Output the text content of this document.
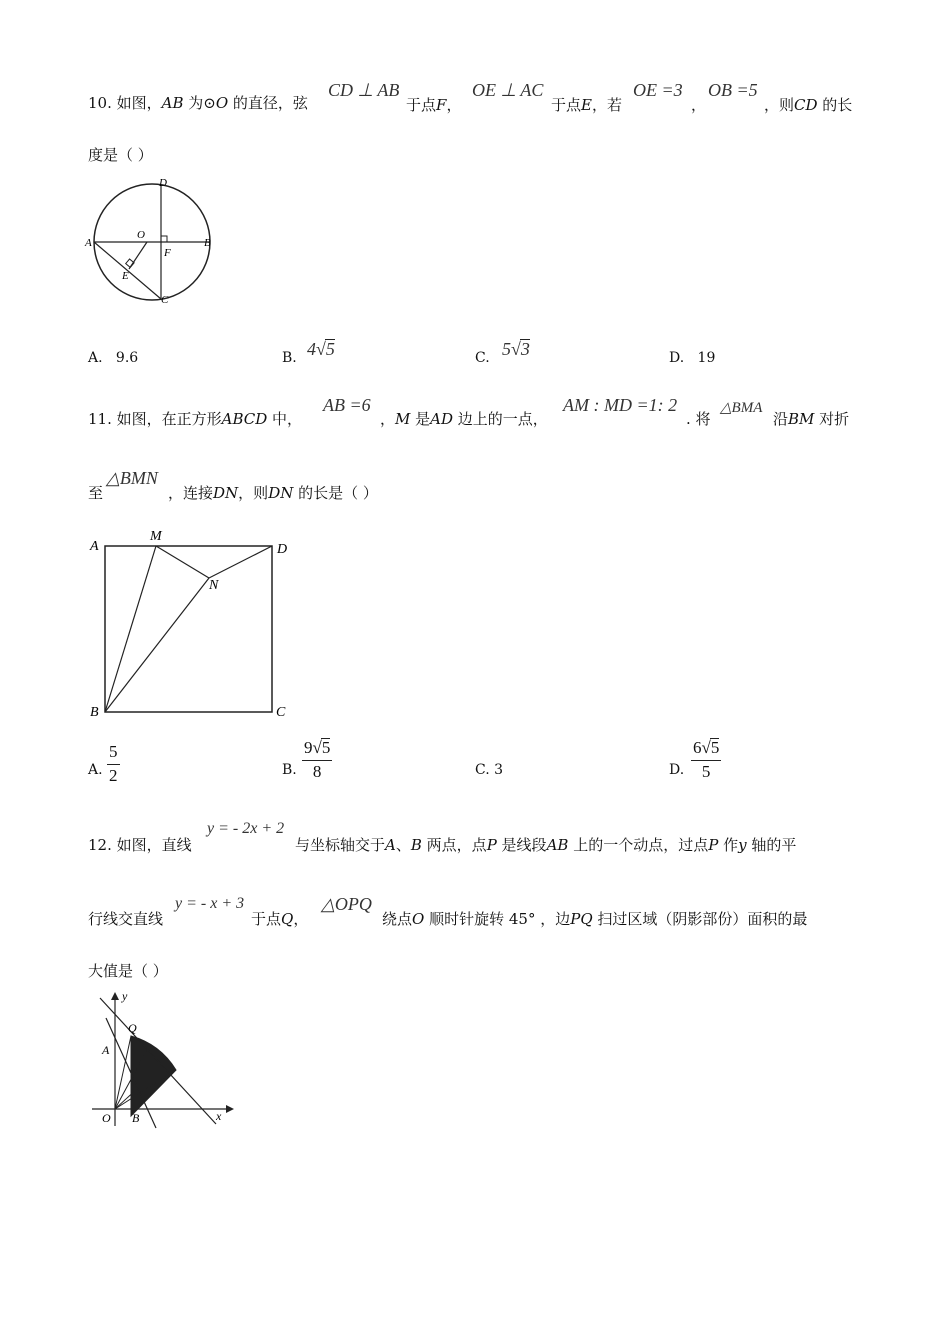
10. 如图，AB 为⊙O 的直径，弦
CD ⊥ AB
于点F，
OE ⊥ AC
于点E，若
OE =3
，
OB =5
，则CD 的长
度是（ ）
A	B
D
C
O
F
E
A. 9.6	B. 4√5	C. 5√3	D. 19
11. 如图，在正方形ABCD 中，
AB =6
，M 是AD 边上的一点，
AM : MD =1: 2
. 将
△BMA
沿BM 对折
至
△BMN
，连接DN，则DN 的长是（ ）
A
M
D
N
B	C
A. $\frac{5}{2}$	B. $\frac{9√5}{8}$	C. 3	D. $\frac{6√5}{5}$
12. 如图，直线
y = - 2x + 2
与坐标轴交于A、B 两点，点P 是线段AB 上的一个动点，过点P 作y 轴的平
行线交直线
y = - x + 3
于点Q，
△OPQ
绕点O 顺时针旋转 45° ，边PQ 扫过区域（阴影部份）面积的最
大值是（ ）
y
x
Q
A
O B
